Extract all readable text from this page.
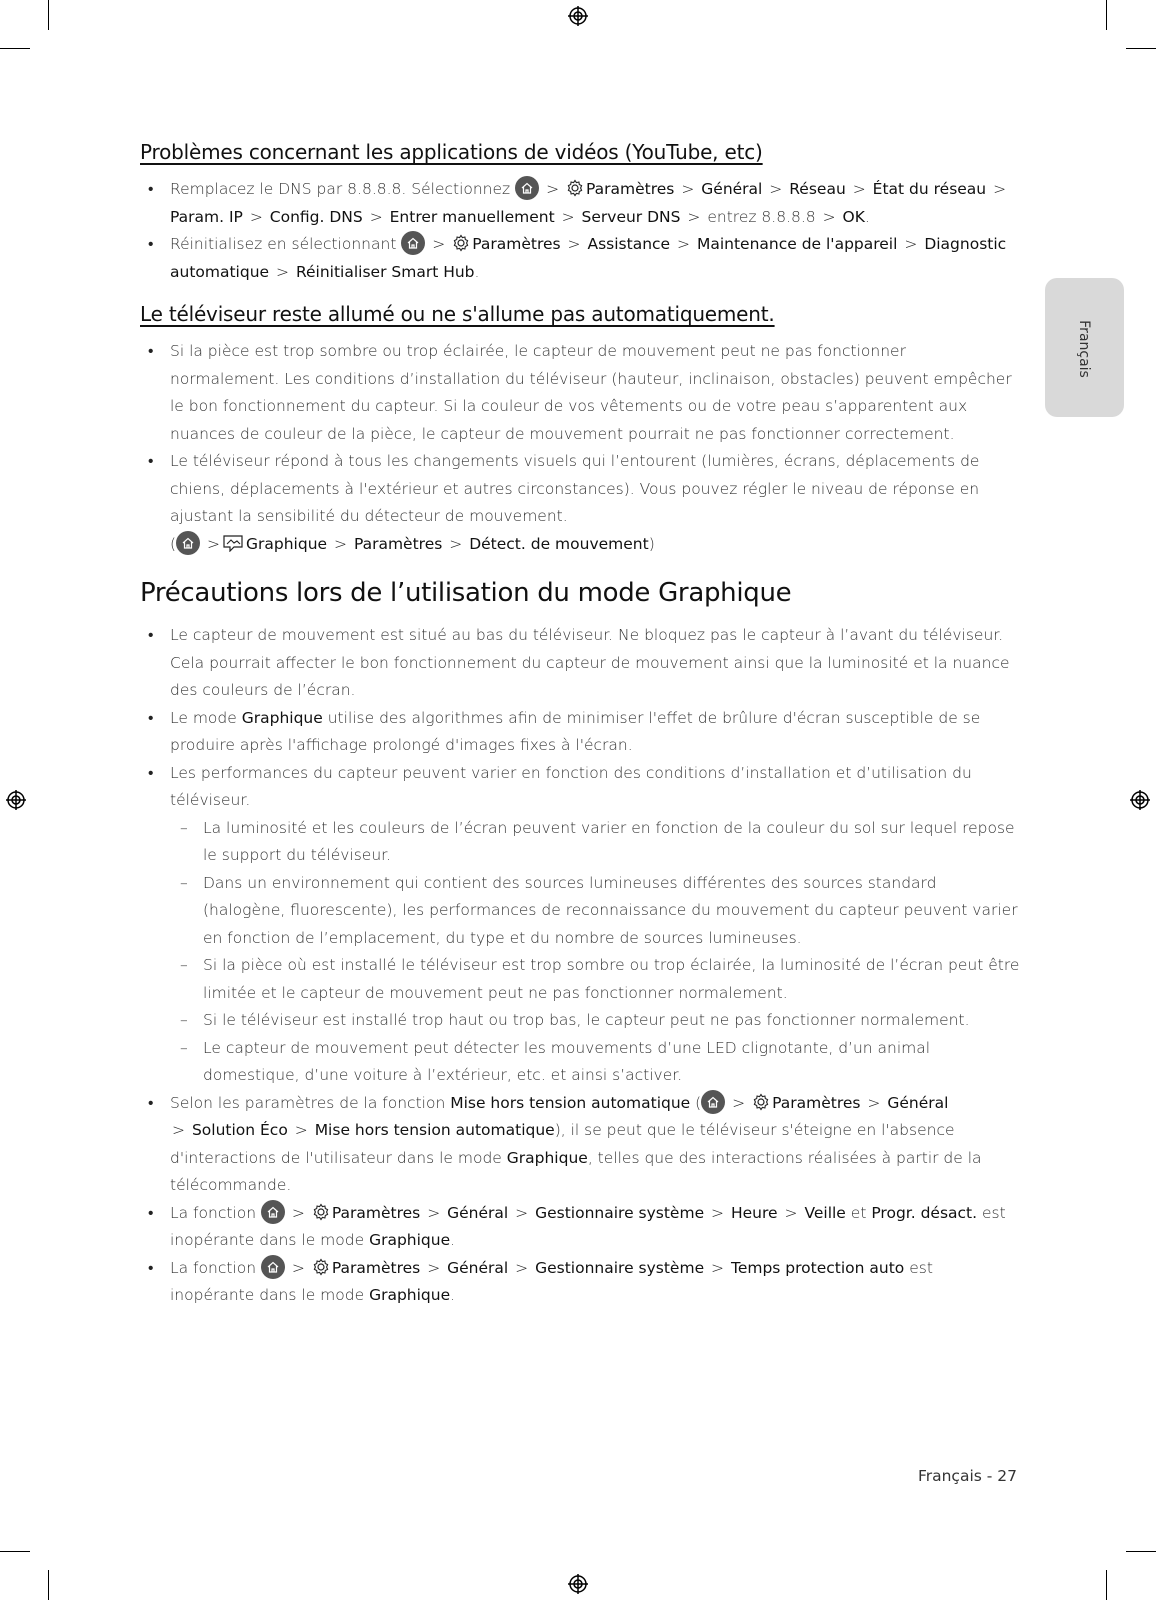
Français
Problèmes concernant les applications de vidéos (YouTube, etc)
• Remplacez le DNS par 8.8.8.8. Sélectionnez > Paramètres > Général > Réseau > État du réseau >
Param. IP > Config. DNS > Entrer manuellement > Serveur DNS > entrez 8.8.8.8 > OK.
• Réinitialisez en sélectionnant > Paramètres > Assistance > Maintenance de l'appareil > Diagnostic automatique > Réinitialiser Smart Hub.
Le téléviseur reste allumé ou ne s'allume pas automatiquement.
• Si la pièce est trop sombre ou trop éclairée, le capteur de mouvement peut ne pas fonctionner normalement. Les conditions d’installation du téléviseur (hauteur, inclinaison, obstacles) peuvent empêcher le bon fonctionnement du capteur. Si la couleur de vos vêtements ou de votre peau s’apparentent aux nuances de couleur de la pièce, le capteur de mouvement pourrait ne pas fonctionner correctement.
• Le téléviseur répond à tous les changements visuels qui l’entourent (lumières, écrans, déplacements de chiens, déplacements à l'extérieur et autres circonstances). Vous pouvez régler le niveau de réponse en ajustant la sensibilité du détecteur de mouvement.
( > Graphique > Paramètres > Détect. de mouvement)
Précautions lors de l’utilisation du mode Graphique
• Le capteur de mouvement est situé au bas du téléviseur. Ne bloquez pas le capteur à l’avant du téléviseur. Cela pourrait affecter le bon fonctionnement du capteur de mouvement ainsi que la luminosité et la nuance des couleurs de l’écran.
• Le mode Graphique utilise des algorithmes afin de minimiser l'effet de brûlure d'écran susceptible de se produire après l'affichage prolongé d'images fixes à l'écran.
• Les performances du capteur peuvent varier en fonction des conditions d’installation et d’utilisation du téléviseur.
– La luminosité et les couleurs de l’écran peuvent varier en fonction de la couleur du sol sur lequel repose le support du téléviseur.
– Dans un environnement qui contient des sources lumineuses différentes des sources standard (halogène, fluorescente), les performances de reconnaissance du mouvement du capteur peuvent varier en fonction de l’emplacement, du type et du nombre de sources lumineuses.
– Si la pièce où est installé le téléviseur est trop sombre ou trop éclairée, la luminosité de l’écran peut être limitée et le capteur de mouvement peut ne pas fonctionner normalement.
– Si le téléviseur est installé trop haut ou trop bas, le capteur peut ne pas fonctionner normalement.
– Le capteur de mouvement peut détecter les mouvements d’une LED clignotante, d’un animal domestique, d’une voiture à l’extérieur, etc. et ainsi s’activer.
• Selon les paramètres de la fonction Mise hors tension automatique ( > Paramètres > Général
> Solution Éco > Mise hors tension automatique), il se peut que le téléviseur s'éteigne en l'absence d'interactions de l'utilisateur dans le mode Graphique, telles que des interactions réalisées à partir de la télécommande.
• La fonction > Paramètres > Général > Gestionnaire système > Heure > Veille et Progr. désact. est inopérante dans le mode Graphique.
• La fonction > Paramètres > Général > Gestionnaire système > Temps protection auto est inopérante dans le mode Graphique.
Français - 27
